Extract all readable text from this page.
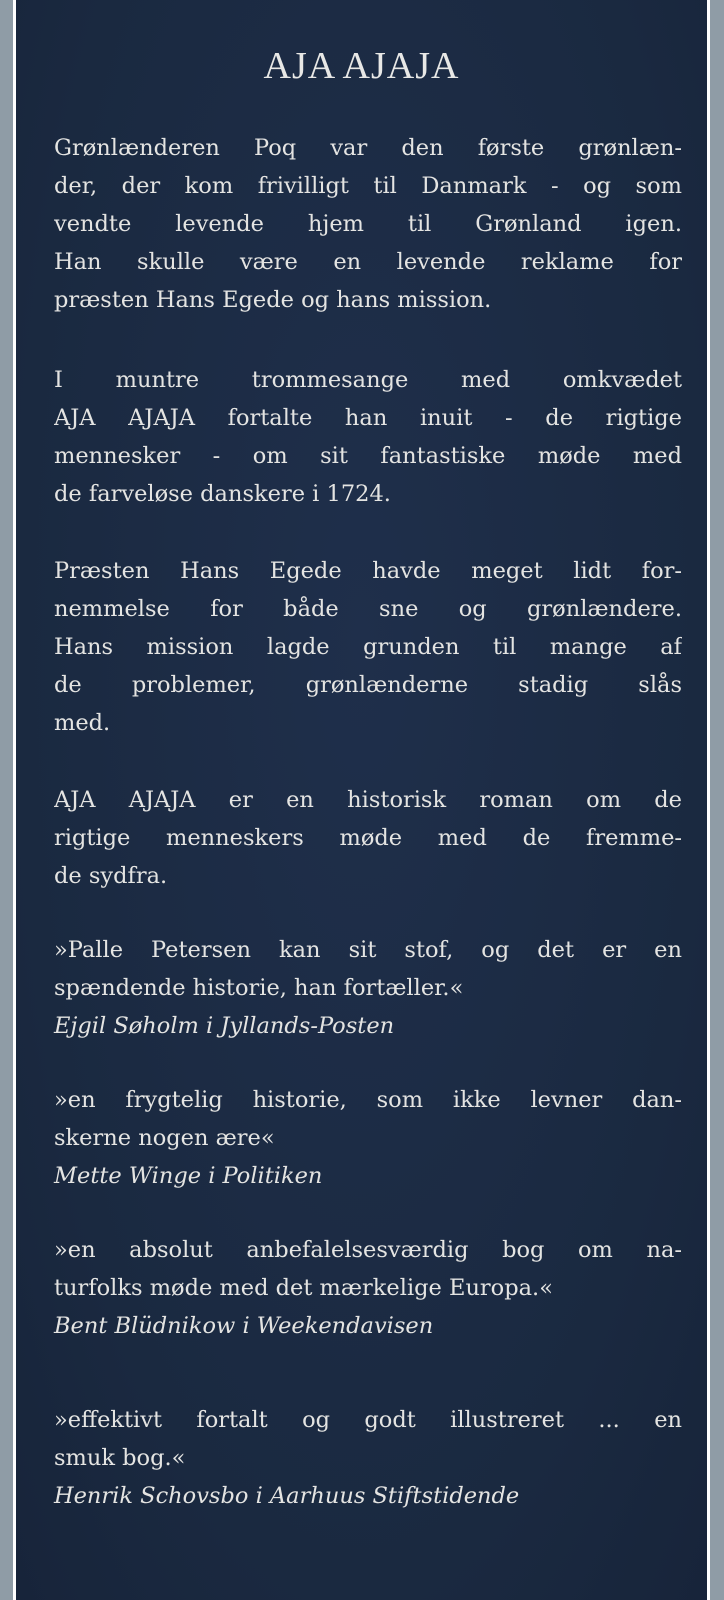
AJA AJAJA
Grønlænderen Poq var den første grønlæn-
der, der kom frivilligt til Danmark - og som
vendte levende hjem til Grønland igen.
Han skulle være en levende reklame for
præsten Hans Egede og hans mission.
I muntre trommesange med omkvædet
AJA AJAJA fortalte han inuit - de rigtige
mennesker - om sit fantastiske møde med
de farveløse danskere i 1724.
Præsten Hans Egede havde meget lidt for-
nemmelse for både sne og grønlændere.
Hans mission lagde grunden til mange af
de problemer, grønlænderne stadig slås
med.
AJA AJAJA er en historisk roman om de
rigtige menneskers møde med de fremme-
de sydfra.
»Palle Petersen kan sit stof, og det er en
spændende historie, han fortæller.«
Ejgil Søholm i Jyllands-Posten
»en frygtelig historie, som ikke levner dan-
skerne nogen ære«
Mette Winge i Politiken
»en absolut anbefalelsesværdig bog om na-
turfolks møde med det mærkelige Europa.«
Bent Blüdnikow i Weekendavisen
»effektivt fortalt og godt illustreret ... en
smuk bog.«
Henrik Schovsbo i Aarhuus Stiftstidende
